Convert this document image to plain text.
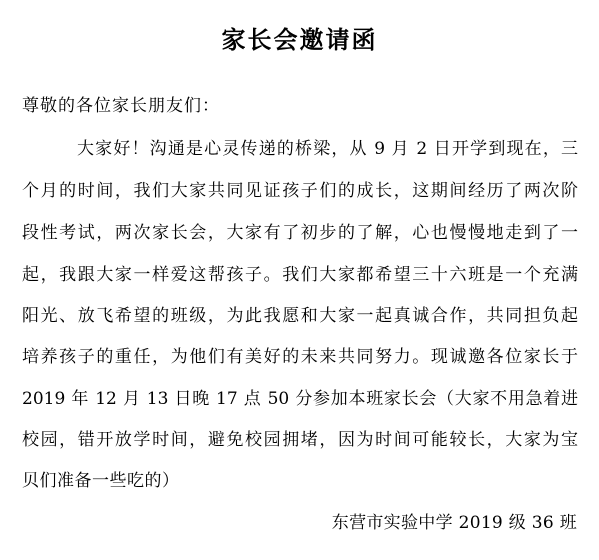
家长会邀请函
尊敬的各位家长朋友们：
大家好！沟通是心灵传递的桥梁，从 9 月 2 日开学到现在，三
个月的时间，我们大家共同见证孩子们的成长，这期间经历了两次阶
段性考试，两次家长会，大家有了初步的了解，心也慢慢地走到了一
起，我跟大家一样爱这帮孩子。我们大家都希望三十六班是一个充满
阳光、放飞希望的班级，为此我愿和大家一起真诚合作，共同担负起
培养孩子的重任，为他们有美好的未来共同努力。现诚邀各位家长于
2019 年 12 月 13 日晚 17 点 50 分参加本班家长会（大家不用急着进
校园，错开放学时间，避免校园拥堵，因为时间可能较长，大家为宝
贝们准备一些吃的）
东营市实验中学 2019 级 36 班
